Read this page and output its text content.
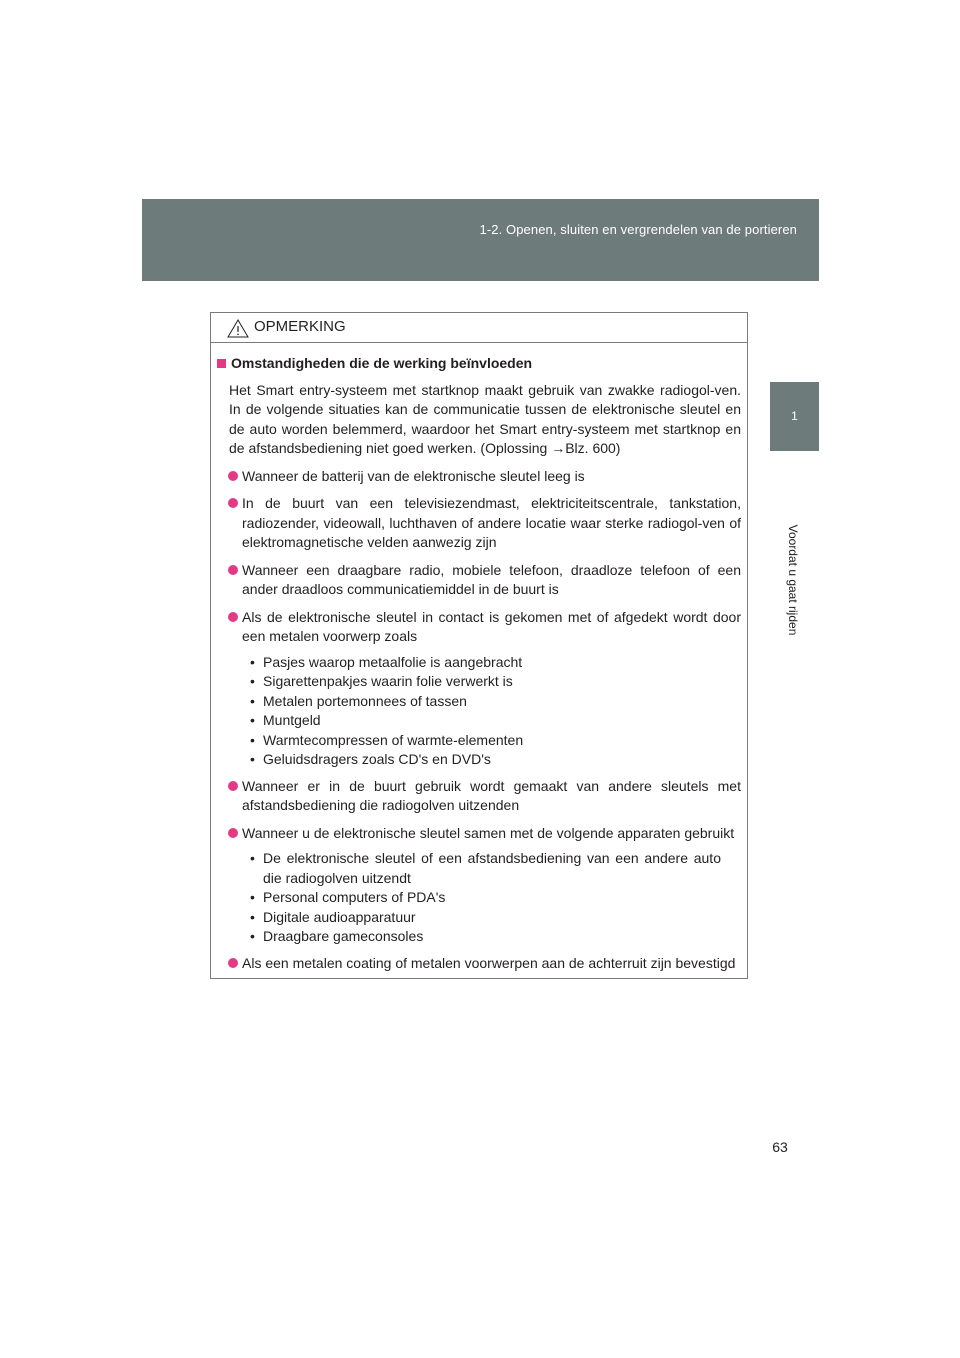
1-2. Openen, sluiten en vergrendelen van de portieren
1
Voordat u gaat rijden
OPMERKING
Omstandigheden die de werking beïnvloeden

Het Smart entry-systeem met startknop maakt gebruik van zwakke radiogol-ven. In de volgende situaties kan de communicatie tussen de elektronische sleutel en de auto worden belemmerd, waardoor het Smart entry-systeem met startknop en de afstandsbediening niet goed werken. (Oplossing →Blz. 600)

Wanneer de batterij van de elektronische sleutel leeg is
In de buurt van een televisiezendmast, elektriciteitscentrale, tankstation, radiozender, videowall, luchthaven of andere locatie waar sterke radiogol-ven of elektromagnetische velden aanwezig zijn
Wanneer een draagbare radio, mobiele telefoon, draadloze telefoon of een ander draadloos communicatiemiddel in de buurt is
Als de elektronische sleutel in contact is gekomen met of afgedekt wordt door een metalen voorwerp zoals
• Pasjes waarop metaalfolie is aangebracht
• Sigarettenpakjes waarin folie verwerkt is
• Metalen portemonnees of tassen
• Muntgeld
• Warmtecompressen of warmte-elementen
• Geluidsdragers zoals CD's en DVD's
Wanneer er in de buurt gebruik wordt gemaakt van andere sleutels met afstandsbediening die radiogolven uitzenden
Wanneer u de elektronische sleutel samen met de volgende apparaten gebruikt
• De elektronische sleutel of een afstandsbediening van een andere auto die radiogolven uitzendt
• Personal computers of PDA's
• Digitale audioapparatuur
• Draagbare gameconsoles
Als een metalen coating of metalen voorwerpen aan de achterruit zijn bevestigd
63
